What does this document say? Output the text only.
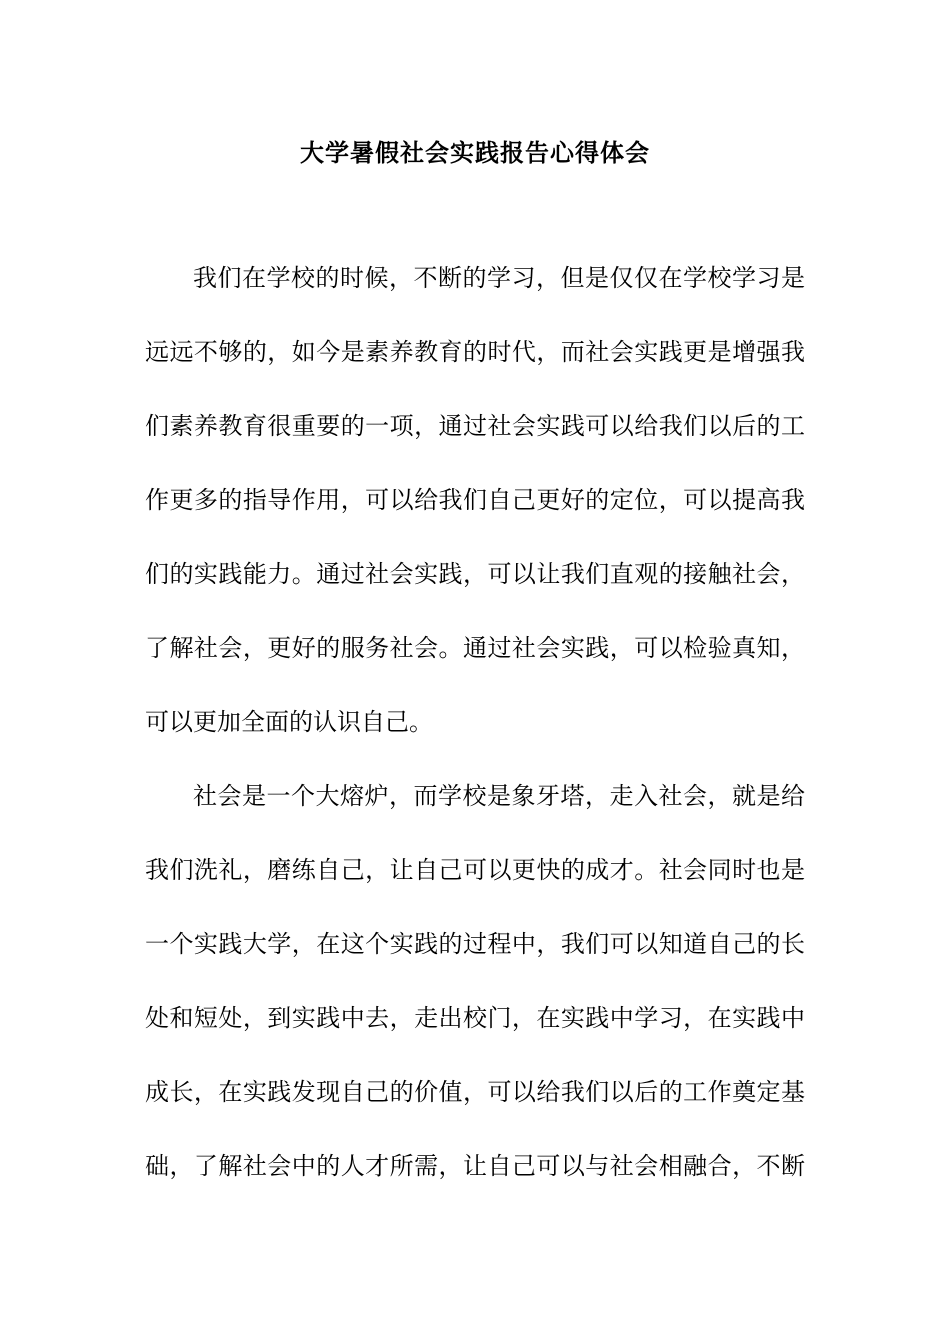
大学暑假社会实践报告心得体会
我们在学校的时候，不断的学习，但是仅仅在学校学习是
远远不够的，如今是素养教育的时代，而社会实践更是增强我
们素养教育很重要的一项，通过社会实践可以给我们以后的工
作更多的指导作用，可以给我们自己更好的定位，可以提高我
们的实践能力。通过社会实践，可以让我们直观的接触社会，
了解社会，更好的服务社会。通过社会实践，可以检验真知，
可以更加全面的认识自己。
社会是一个大熔炉，而学校是象牙塔，走入社会，就是给
我们洗礼，磨练自己，让自己可以更快的成才。社会同时也是
一个实践大学，在这个实践的过程中，我们可以知道自己的长
处和短处，到实践中去，走出校门，在实践中学习，在实践中
成长，在实践发现自己的价值，可以给我们以后的工作奠定基
础，了解社会中的人才所需，让自己可以与社会相融合，不断
